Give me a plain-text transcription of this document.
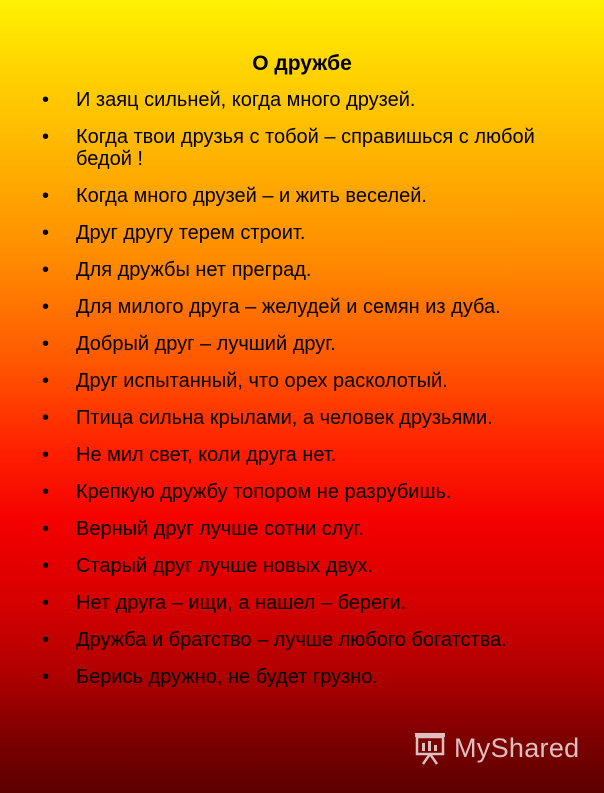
О дружбе
• И заяц сильней, когда много друзей.
• Когда твои друзья с тобой – справишься с любой бедой !
• Когда много друзей – и жить веселей.
• Друг другу терем строит.
• Для дружбы нет преград.
• Для милого друга – желудей и семян из дуба.
• Добрый друг – лучший друг.
• Друг испытанный, что орех расколотый.
• Птица сильна крылами, а человек друзьями.
• Не мил свет, коли друга нет.
• Крепкую дружбу топором не разрубишь.
• Верный друг лучше сотни слуг.
• Старый друг лучше новых двух.
• Нет друга – ищи, а нашел – береги.
• Дружба и братство – лучше любого богатства.
• Берись дружно, не будет грузно.
MyShared
